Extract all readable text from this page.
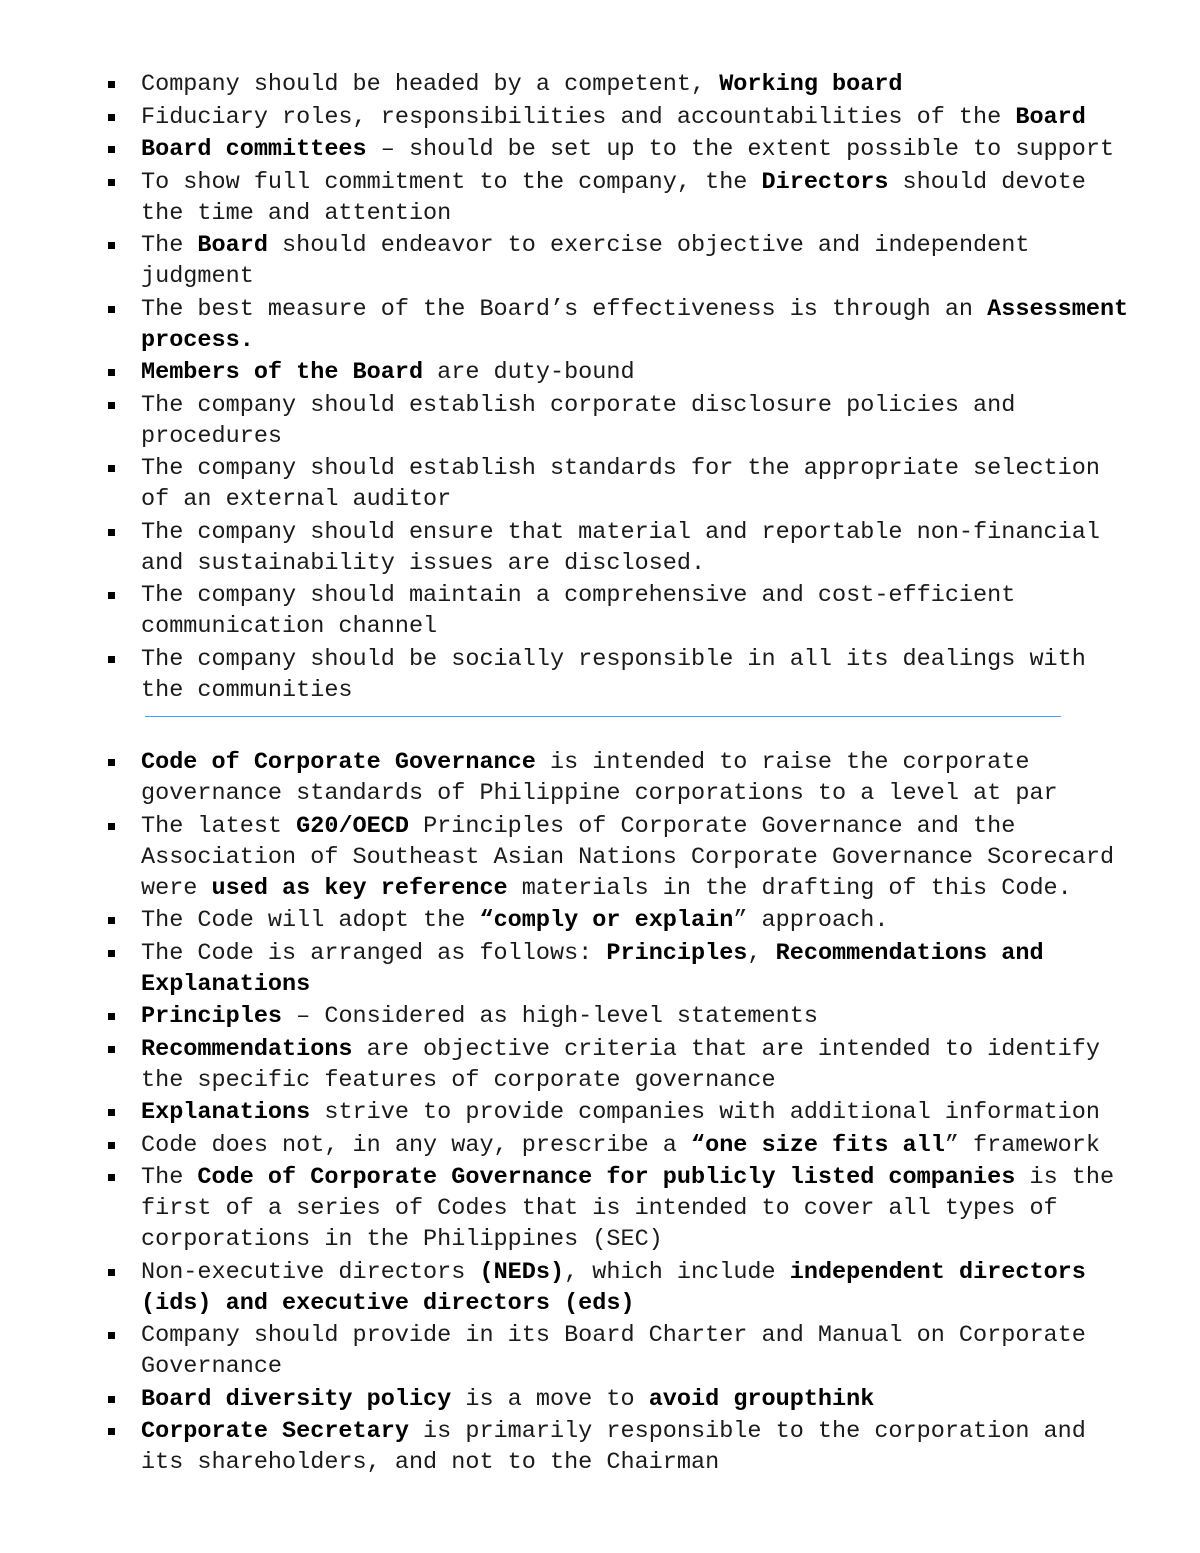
Company should be headed by a competent, Working board
Fiduciary roles, responsibilities and accountabilities of the Board
Board committees – should be set up to the extent possible to support
To show full commitment to the company, the Directors should devote the time and attention
The Board should endeavor to exercise objective and independent judgment
The best measure of the Board’s effectiveness is through an Assessment process.
Members of the Board are duty-bound
The company should establish corporate disclosure policies and procedures
The company should establish standards for the appropriate selection of an external auditor
The company should ensure that material and reportable non-financial and sustainability issues are disclosed.
The company should maintain a comprehensive and cost-efficient communication channel
The company should be socially responsible in all its dealings with the communities
Code of Corporate Governance is intended to raise the corporate governance standards of Philippine corporations to a level at par
The latest G20/OECD Principles of Corporate Governance and the Association of Southeast Asian Nations Corporate Governance Scorecard were used as key reference materials in the drafting of this Code.
The Code will adopt the “comply or explain” approach.
The Code is arranged as follows: Principles, Recommendations and Explanations
Principles – Considered as high-level statements
Recommendations are objective criteria that are intended to identify the specific features of corporate governance
Explanations strive to provide companies with additional information
Code does not, in any way, prescribe a “one size fits all” framework
The Code of Corporate Governance for publicly listed companies is the first of a series of Codes that is intended to cover all types of corporations in the Philippines (SEC)
Non-executive directors (NEDs), which include independent directors (ids) and executive directors (eds)
Company should provide in its Board Charter and Manual on Corporate Governance
Board diversity policy is a move to avoid groupthink
Corporate Secretary is primarily responsible to the corporation and its shareholders, and not to the Chairman
